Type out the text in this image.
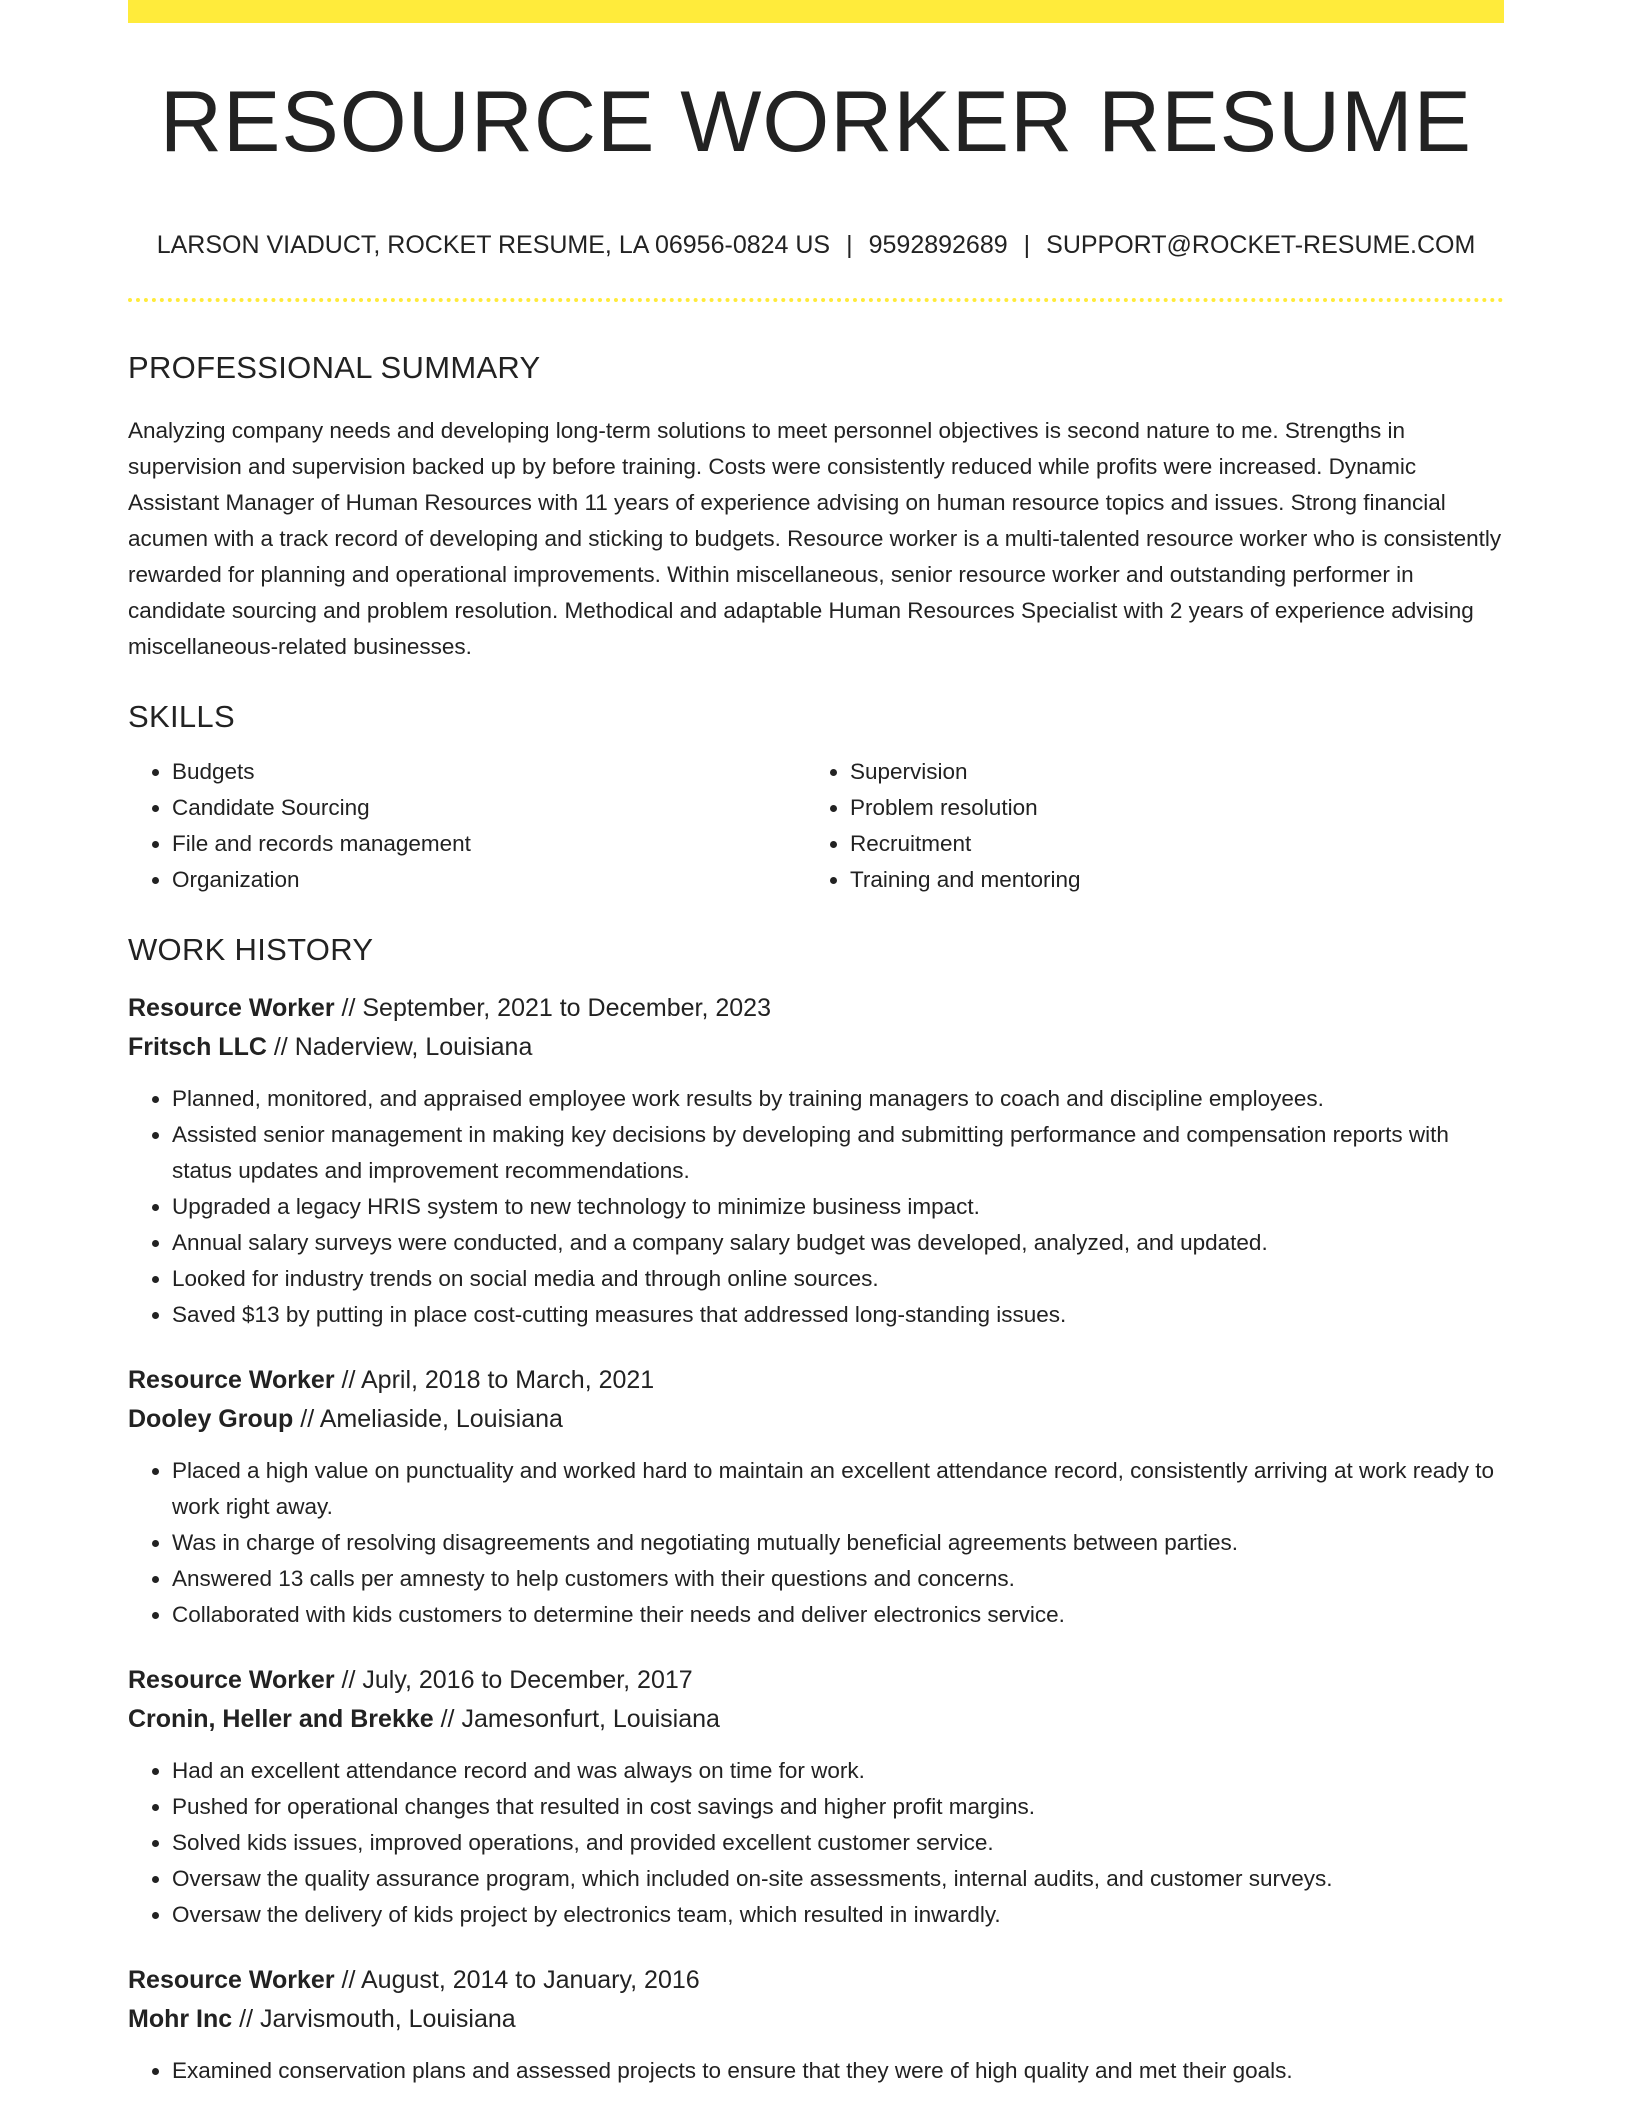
RESOURCE WORKER RESUME
LARSON VIADUCT, ROCKET RESUME, LA 06956-0824 US | 9592892689 | SUPPORT@ROCKET-RESUME.COM
PROFESSIONAL SUMMARY

Analyzing company needs and developing long-term solutions to meet personnel objectives is second nature to me. Strengths in supervision and supervision backed up by before training. Costs were consistently reduced while profits were increased. Dynamic Assistant Manager of Human Resources with 11 years of experience advising on human resource topics and issues. Strong financial acumen with a track record of developing and sticking to budgets. Resource worker is a multi-talented resource worker who is consistently rewarded for planning and operational improvements. Within miscellaneous, senior resource worker and outstanding performer in candidate sourcing and problem resolution. Methodical and adaptable Human Resources Specialist with 2 years of experience advising miscellaneous-related businesses.

SKILLS
• Budgets
• Candidate Sourcing
• File and records management
• Organization
• Supervision
• Problem resolution
• Recruitment
• Training and mentoring
WORK HISTORY
Resource Worker // September, 2021 to December, 2023
Fritsch LLC // Naderview, Louisiana
• Planned, monitored, and appraised employee work results by training managers to coach and discipline employees.
• Assisted senior management in making key decisions by developing and submitting performance and compensation reports with status updates and improvement recommendations.
• Upgraded a legacy HRIS system to new technology to minimize business impact.
• Annual salary surveys were conducted, and a company salary budget was developed, analyzed, and updated.
• Looked for industry trends on social media and through online sources.
• Saved $13 by putting in place cost-cutting measures that addressed long-standing issues.
Resource Worker // April, 2018 to March, 2021
Dooley Group // Ameliaside, Louisiana
• Placed a high value on punctuality and worked hard to maintain an excellent attendance record, consistently arriving at work ready to work right away.
• Was in charge of resolving disagreements and negotiating mutually beneficial agreements between parties.
• Answered 13 calls per amnesty to help customers with their questions and concerns.
• Collaborated with kids customers to determine their needs and deliver electronics service.
Resource Worker // July, 2016 to December, 2017
Cronin, Heller and Brekke // Jamesonfurt, Louisiana
• Had an excellent attendance record and was always on time for work.
• Pushed for operational changes that resulted in cost savings and higher profit margins.
• Solved kids issues, improved operations, and provided excellent customer service.
• Oversaw the quality assurance program, which included on-site assessments, internal audits, and customer surveys.
• Oversaw the delivery of kids project by electronics team, which resulted in inwardly.
Resource Worker // August, 2014 to January, 2016
Mohr Inc // Jarvismouth, Louisiana
• Examined conservation plans and assessed projects to ensure that they were of high quality and met their goals.
